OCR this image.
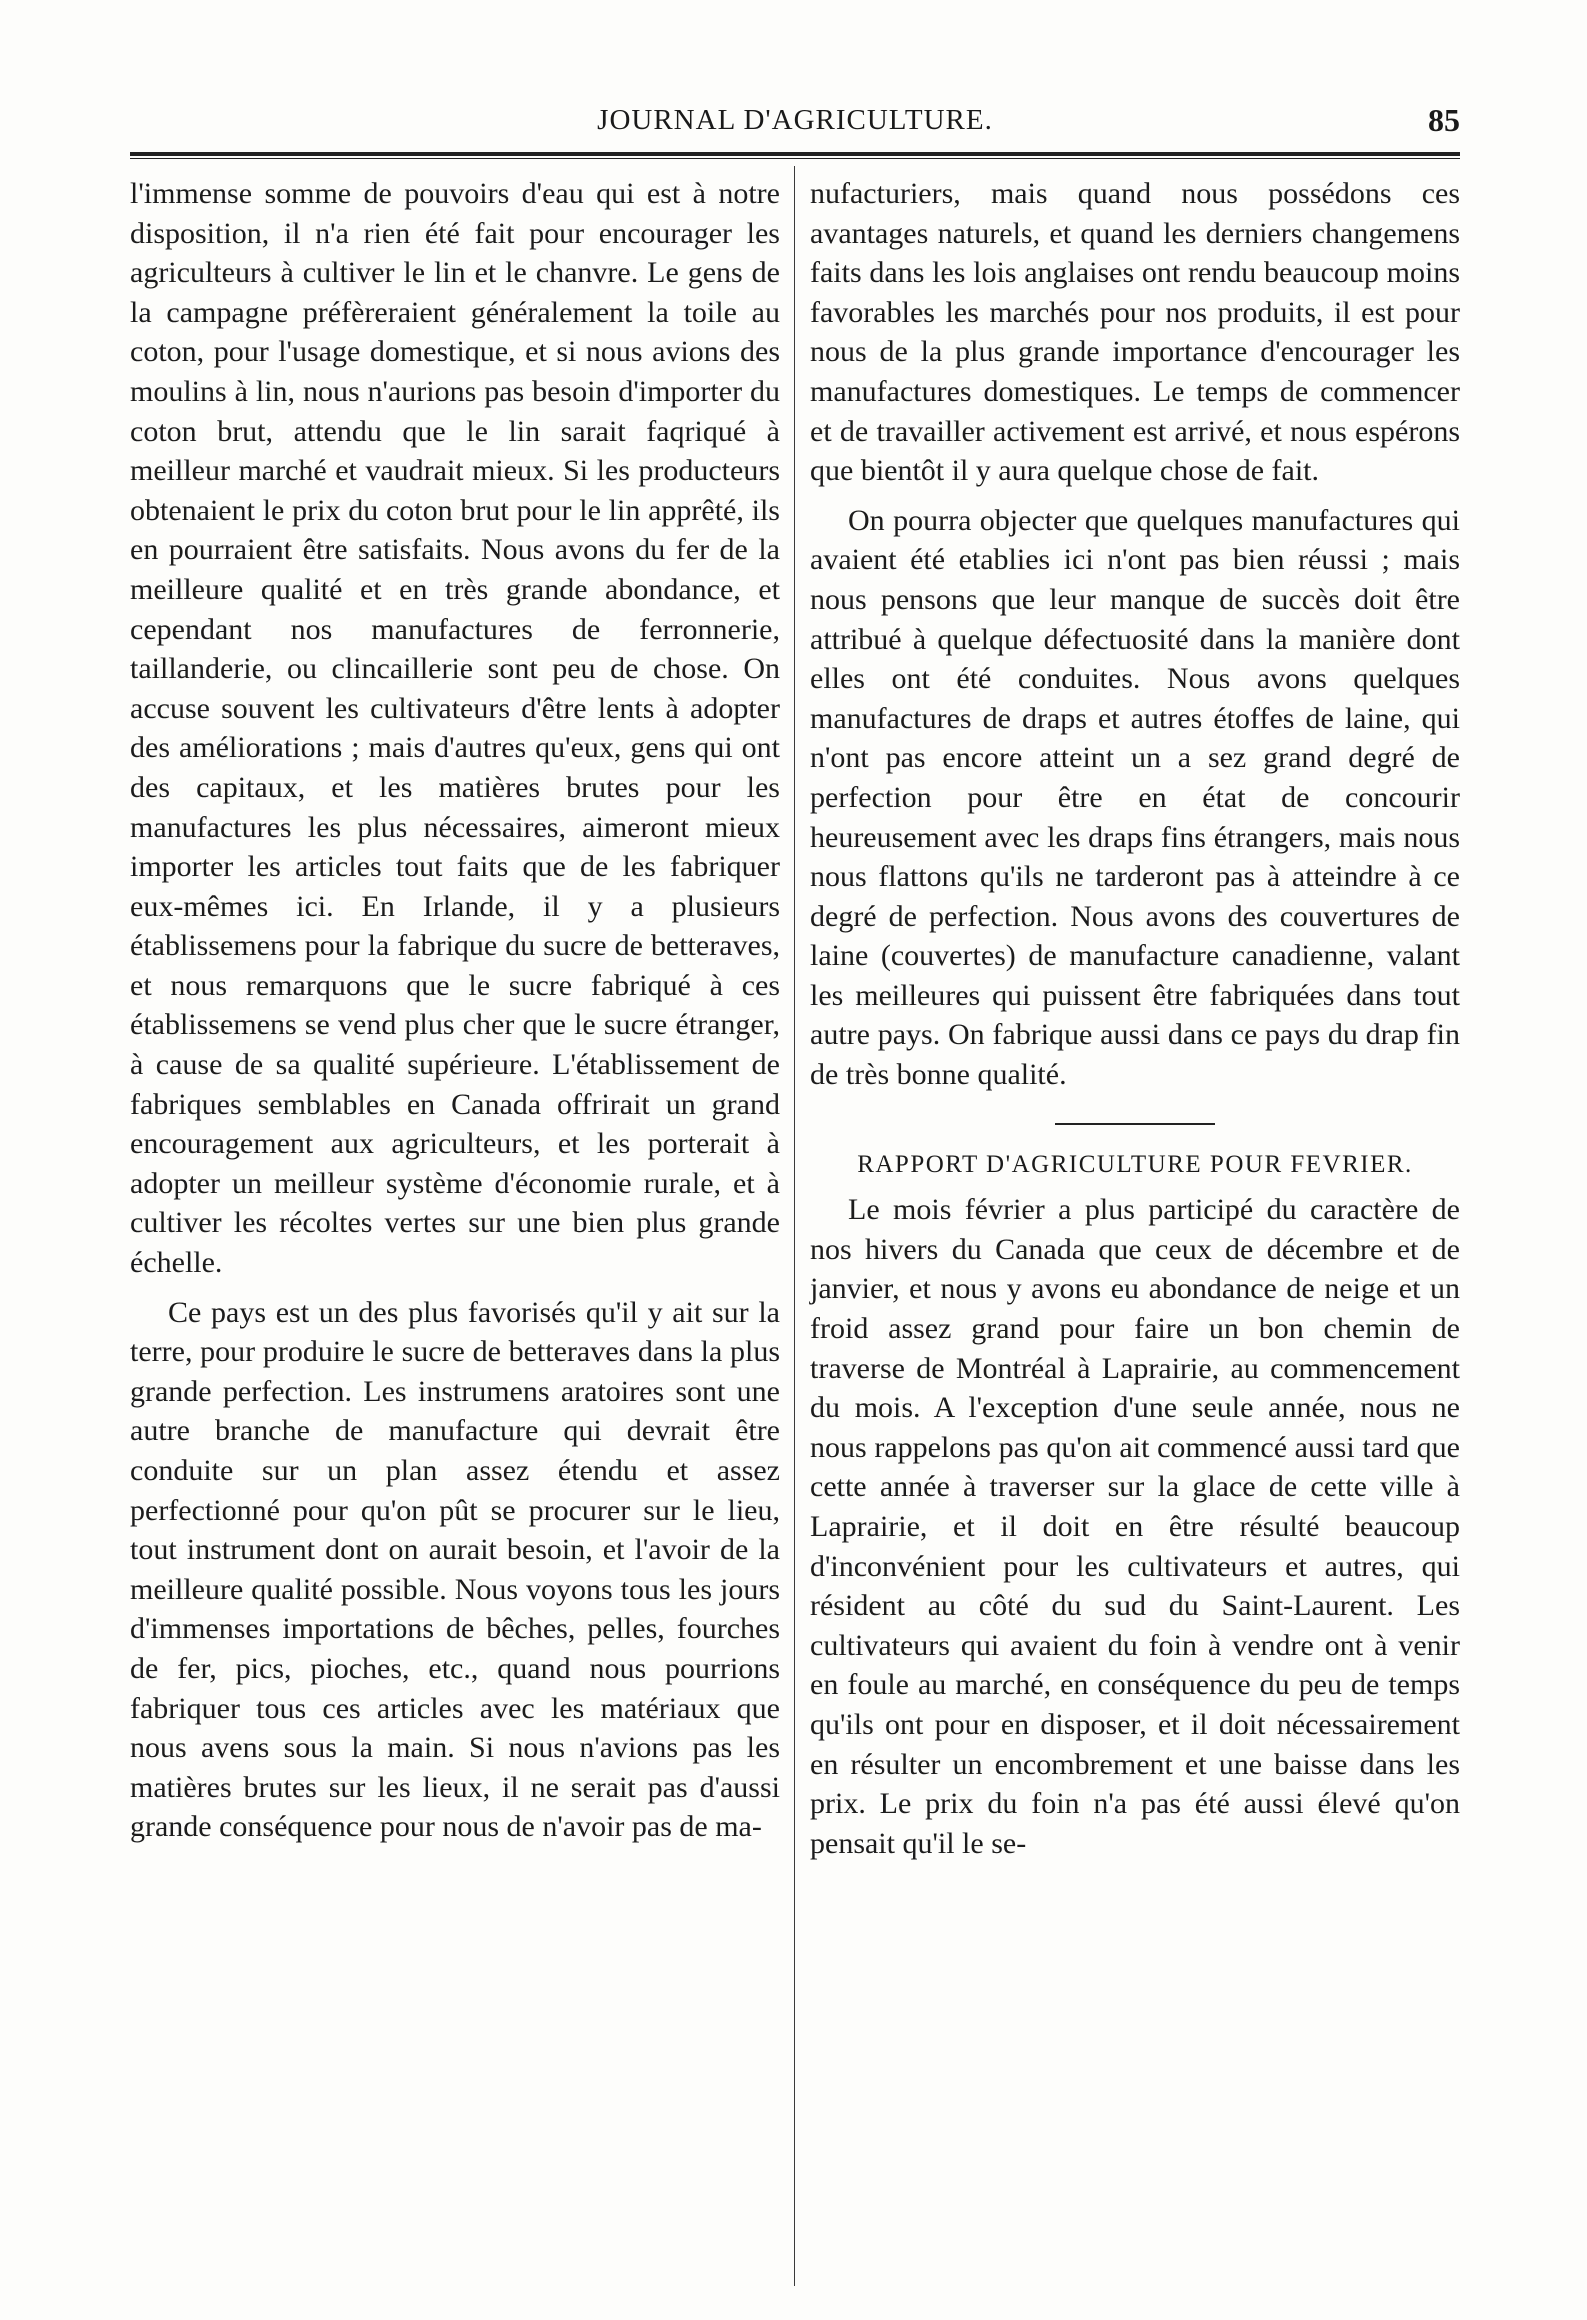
JOURNAL D'AGRICULTURE.	85

l'immense somme de pouvoirs d'eau qui est à notre disposition, il n'a rien été fait pour encourager les agriculteurs à cultiver le lin et le chanvre. Le gens de la campagne préfèreraient généralement la toile au coton, pour l'usage domestique, et si nous avions des moulins à lin, nous n'aurions pas besoin d'importer du coton brut, attendu que le lin sarait faqriqué à meilleur marché et vaudrait mieux. Si les producteurs obtenaient le prix du coton brut pour le lin apprêté, ils en pourraient être satisfaits. Nous avons du fer de la meilleure qualité et en très grande abondance, et cependant nos manufactures de ferronnerie, taillanderie, ou clincaillerie sont peu de chose. On accuse souvent les cultivateurs d'être lents à adopter des améliorations ; mais d'autres qu'eux, gens qui ont des capitaux, et les matières brutes pour les manufactures les plus nécessaires, aimeront mieux importer les articles tout faits que de les fabriquer eux-mêmes ici. En Irlande, il y a plusieurs établissemens pour la fabrique du sucre de betteraves, et nous remarquons que le sucre fabriqué à ces établissemens se vend plus cher que le sucre étranger, à cause de sa qualité supérieure. L'établissement de fabriques semblables en Canada offrirait un grand encouragement aux agriculteurs, et les porterait à adopter un meilleur système d'économie rurale, et à cultiver les récoltes vertes sur une bien plus grande échelle.

Ce pays est un des plus favorisés qu'il y ait sur la terre, pour produire le sucre de betteraves dans la plus grande perfection. Les instrumens aratoires sont une autre branche de manufacture qui devrait être conduite sur un plan assez étendu et assez perfectionné pour qu'on pût se procurer sur le lieu, tout instrument dont on aurait besoin, et l'avoir de la meilleure qualité possible. Nous voyons tous les jours d'immenses importations de bêches, pelles, fourches de fer, pics, pioches, etc., quand nous pourrions fabriquer tous ces articles avec les matériaux que nous avens sous la main. Si nous n'avions pas les matières brutes sur les lieux, il ne serait pas d'aussi grande conséquence pour nous de n'avoir pas de ma-

nufacturiers, mais quand nous possédons ces avantages naturels, et quand les derniers changemens faits dans les lois anglaises ont rendu beaucoup moins favorables les marchés pour nos produits, il est pour nous de la plus grande importance d'encourager les manufactures domestiques. Le temps de commencer et de travailler activement est arrivé, et nous espérons que bientôt il y aura quelque chose de fait.

On pourra objecter que quelques manufactures qui avaient été etablies ici n'ont pas bien réussi ; mais nous pensons que leur manque de succès doit être attribué à quelque défectuosité dans la manière dont elles ont été conduites. Nous avons quelques manufactures de draps et autres étoffes de laine, qui n'ont pas encore atteint un a sez grand degré de perfection pour être en état de concourir heureusement avec les draps fins étrangers, mais nous nous flattons qu'ils ne tarderont pas à atteindre à ce degré de perfection. Nous avons des couvertures de laine (couvertes) de manufacture canadienne, valant les meilleures qui puissent être fabriquées dans tout autre pays. On fabrique aussi dans ce pays du drap fin de très bonne qualité.

RAPPORT D'AGRICULTURE POUR FEVRIER.

Le mois février a plus participé du caractère de nos hivers du Canada que ceux de décembre et de janvier, et nous y avons eu abondance de neige et un froid assez grand pour faire un bon chemin de traverse de Montréal à Laprairie, au commencement du mois. A l'exception d'une seule année, nous ne nous rappelons pas qu'on ait commencé aussi tard que cette année à traverser sur la glace de cette ville à Laprairie, et il doit en être résulté beaucoup d'inconvénient pour les cultivateurs et autres, qui résident au côté du sud du Saint-Laurent. Les cultivateurs qui avaient du foin à vendre ont à venir en foule au marché, en conséquence du peu de temps qu'ils ont pour en disposer, et il doit nécessairement en résulter un encombrement et une baisse dans les prix. Le prix du foin n'a pas été aussi élevé qu'on pensait qu'il le se-
